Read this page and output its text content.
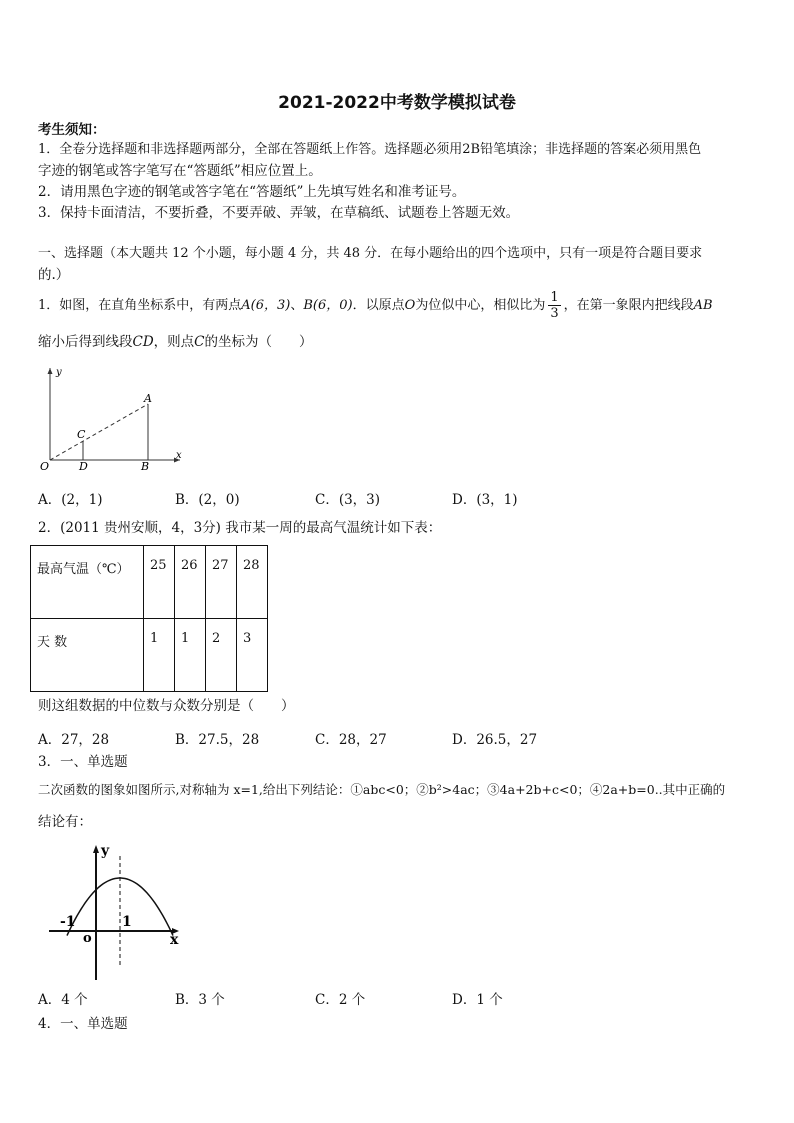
2021-2022中考数学模拟试卷
考生须知：
1．全卷分选择题和非选择题两部分，全部在答题纸上作答。选择题必须用2B铅笔填涂；非选择题的答案必须用黑色
字迹的钢笔或答字笔写在“答题纸”相应位置上。
2．请用黑色字迹的钢笔或答字笔在“答题纸”上先填写姓名和准考证号。
3．保持卡面清洁，不要折叠，不要弄破、弄皱，在草稿纸、试题卷上答题无效。
一、选择题（本大题共 12 个小题，每小题 4 分，共 48 分．在每小题给出的四个选项中，只有一项是符合题目要求
的.）
1．如图，在直角坐标系中，有两点A(6，3)、B(6，0)．以原点O为位似中心，相似比为 $\frac{1}{3}$ ，在第一象限内把线段AB
缩小后得到线段CD，则点C的坐标为（　　）
y
x
A
C
O	D	B
A．(2，1)	B．(2，0)	C．(3，3)	D．(3，1)
2．(2011 贵州安顺，4，3分) 我市某一周的最高气温统计如下表：
最高气温（℃）	25	26	27	28
天 数	1	1	2	3
则这组数据的中位数与众数分别是（　　）
A．27，28	B．27.5，28	C．28，27	D．26.5，27
3．一、单选题
二次函数的图象如图所示,对称轴为 x=1,给出下列结论：①abc<0；②b²>4ac；③4a+2b+c<0；④2a+b=0..其中正确的
结论有：
y
x
-1	1
o
A．4 个	B．3 个	C．2 个	D．1 个
4．一、单选题
